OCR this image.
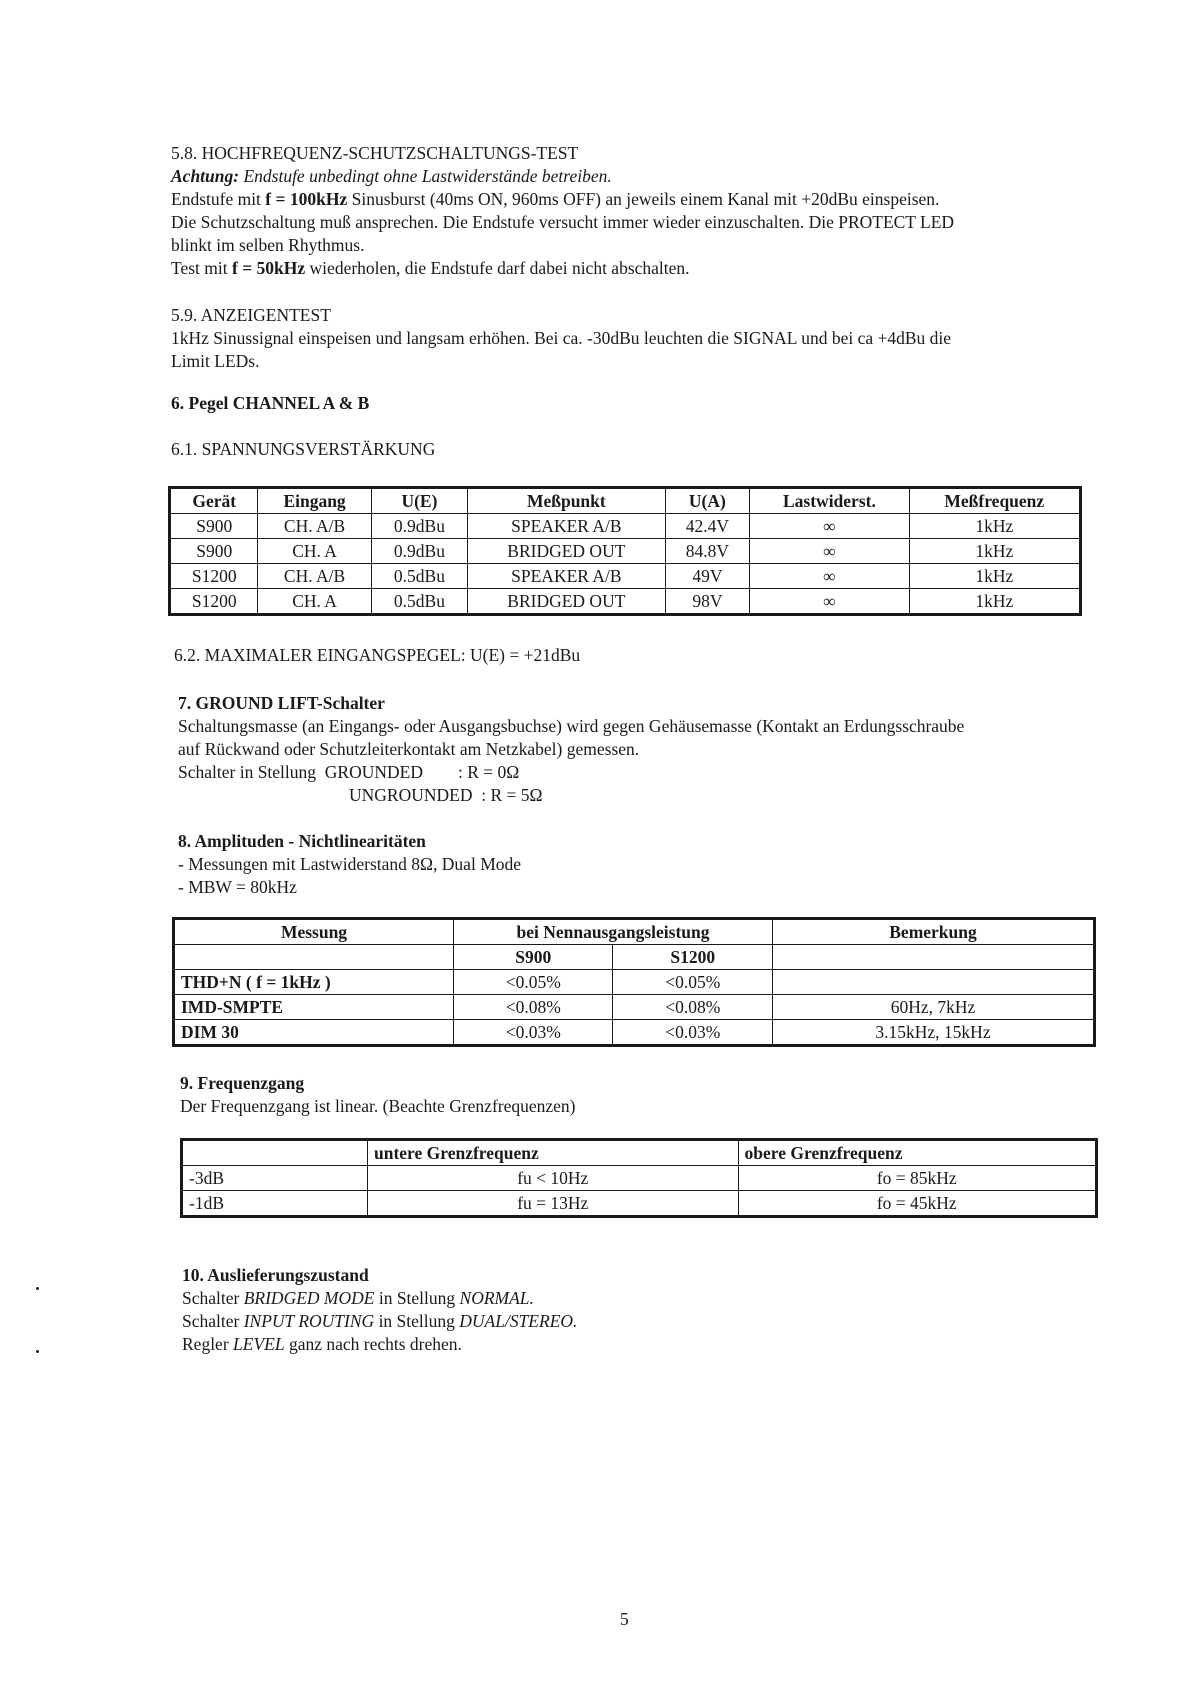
5.8. HOCHFREQUENZ-SCHUTZSCHALTUNGS-TEST
Achtung: Endstufe unbedingt ohne Lastwiderstände betreiben.
Endstufe mit f = 100kHz Sinusburst (40ms ON, 960ms OFF) an jeweils einem Kanal mit +20dBu einspeisen.
Die Schutzschaltung muß ansprechen. Die Endstufe versucht immer wieder einzuschalten. Die PROTECT LED
blinkt im selben Rhythmus.
Test mit f = 50kHz wiederholen, die Endstufe darf dabei nicht abschalten.
5.9. ANZEIGENTEST
1kHz Sinussignal einspeisen und langsam erhöhen. Bei ca. -30dBu leuchten die SIGNAL und bei ca +4dBu die
Limit LEDs.
6. Pegel CHANNEL A & B
6.1. SPANNUNGSVERSTÄRKUNG
Gerät	Eingang	U(E)	Meßpunkt	U(A)	Lastwiderst.	Meßfrequenz
S900	CH. A/B	0.9dBu	SPEAKER A/B	42.4V	∞	1kHz
S900	CH. A	0.9dBu	BRIDGED OUT	84.8V	∞	1kHz
S1200	CH. A/B	0.5dBu	SPEAKER A/B	49V	∞	1kHz
S1200	CH. A	0.5dBu	BRIDGED OUT	98V	∞	1kHz
6.2. MAXIMALER EINGANGSPEGEL: U(E) = +21dBu
7. GROUND LIFT-Schalter
Schaltungsmasse (an Eingangs- oder Ausgangsbuchse) wird gegen Gehäusemasse (Kontakt an Erdungsschraube
auf Rückwand oder Schutzleiterkontakt am Netzkabel) gemessen.
Schalter in Stellung  GROUNDED        : R = 0Ω
UNGROUNDED  : R = 5Ω
8. Amplituden - Nichtlinearitäten
- Messungen mit Lastwiderstand 8Ω, Dual Mode
- MBW = 80kHz
Messung	bei Nennausgangsleistung		Bemerkung
	S900	S1200	
THD+N ( f = 1kHz )	<0.05%	<0.05%	
IMD-SMPTE	<0.08%	<0.08%	60Hz, 7kHz
DIM 30	<0.03%	<0.03%	3.15kHz, 15kHz
9. Frequenzgang
Der Frequenzgang ist linear. (Beachte Grenzfrequenzen)
	untere Grenzfrequenz	obere Grenzfrequenz
-3dB	fu < 10Hz	fo = 85kHz
-1dB	fu = 13Hz	fo = 45kHz
10. Auslieferungszustand
Schalter BRIDGED MODE in Stellung NORMAL.
Schalter INPUT ROUTING in Stellung DUAL/STEREO.
Regler LEVEL ganz nach rechts drehen.
5
